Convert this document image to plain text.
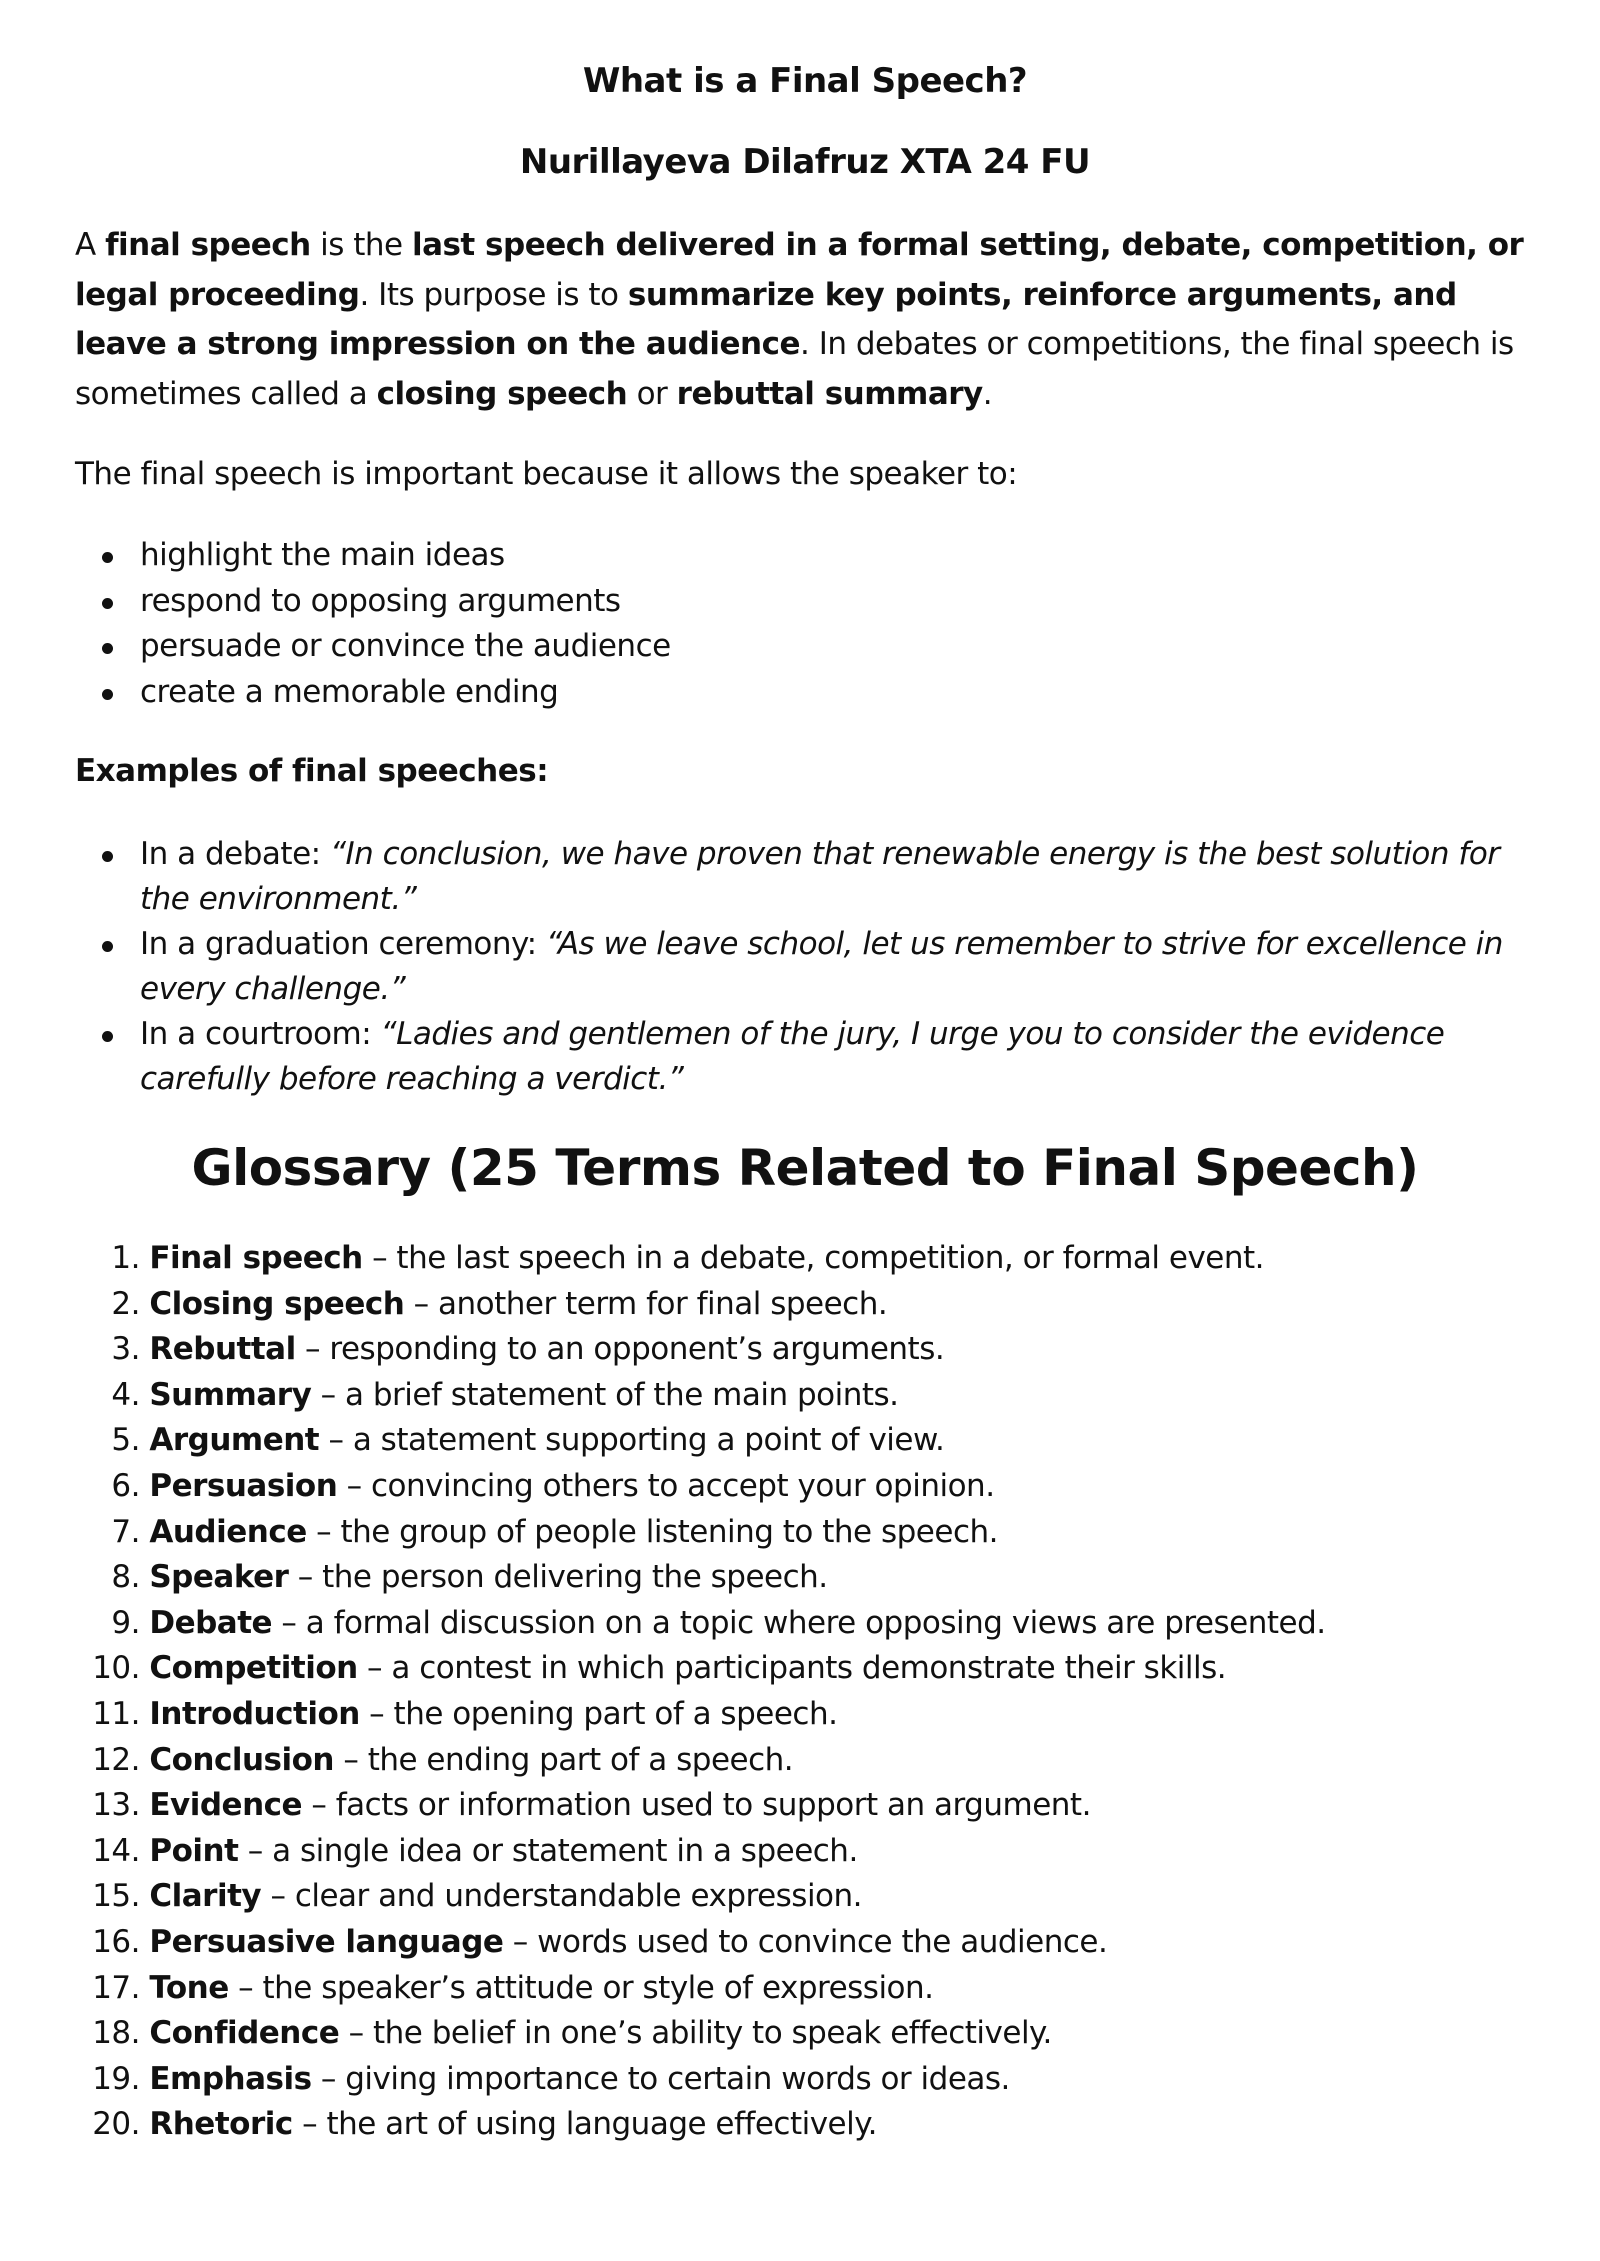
What is a Final Speech?
Nurillayeva Dilafruz XTA 24 FU

A final speech is the last speech delivered in a formal setting, debate, competition, or legal proceeding. Its purpose is to summarize key points, reinforce arguments, and leave a strong impression on the audience. In debates or competitions, the final speech is sometimes called a closing speech or rebuttal summary.

The final speech is important because it allows the speaker to:

highlight the main ideas
respond to opposing arguments
persuade or convince the audience
create a memorable ending

Examples of final speeches:

In a debate: “In conclusion, we have proven that renewable energy is the best solution for the environment.”
In a graduation ceremony: “As we leave school, let us remember to strive for excellence in every challenge.”
In a courtroom: “Ladies and gentlemen of the jury, I urge you to consider the evidence carefully before reaching a verdict.”
Glossary (25 Terms Related to Final Speech)
1. Final speech – the last speech in a debate, competition, or formal event.
2. Closing speech – another term for final speech.
3. Rebuttal – responding to an opponent’s arguments.
4. Summary – a brief statement of the main points.
5. Argument – a statement supporting a point of view.
6. Persuasion – convincing others to accept your opinion.
7. Audience – the group of people listening to the speech.
8. Speaker – the person delivering the speech.
9. Debate – a formal discussion on a topic where opposing views are presented.
10. Competition – a contest in which participants demonstrate their skills.
11. Introduction – the opening part of a speech.
12. Conclusion – the ending part of a speech.
13. Evidence – facts or information used to support an argument.
14. Point – a single idea or statement in a speech.
15. Clarity – clear and understandable expression.
16. Persuasive language – words used to convince the audience.
17. Tone – the speaker’s attitude or style of expression.
18. Confidence – the belief in one’s ability to speak effectively.
19. Emphasis – giving importance to certain words or ideas.
20. Rhetoric – the art of using language effectively.
